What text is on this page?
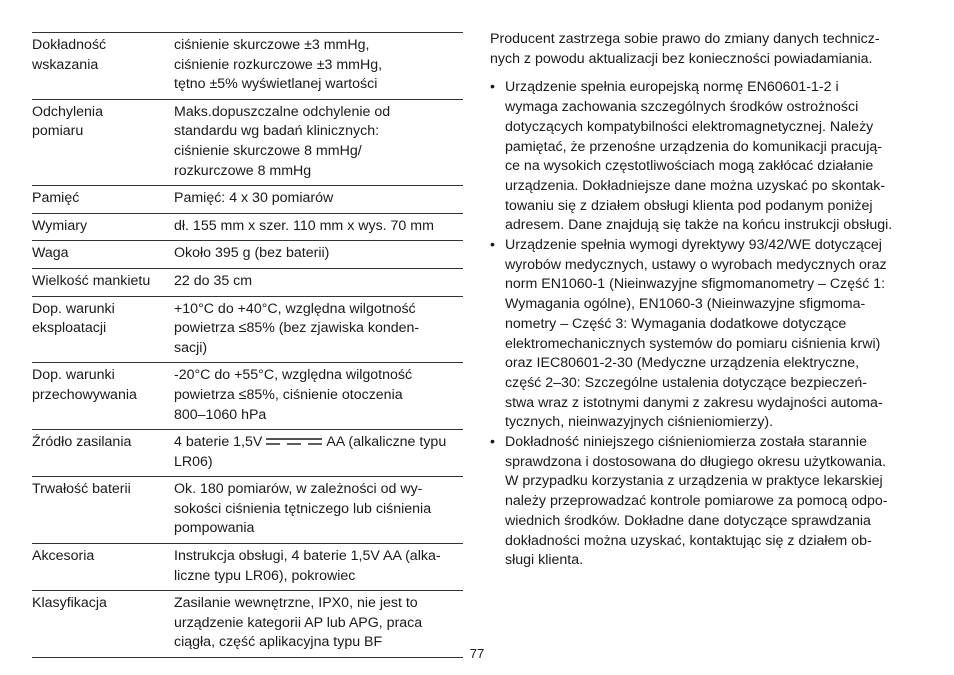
Dokładność
wskazania	ciśnienie skurczowe ±3 mmHg,
ciśnienie rozkurczowe ±3 mmHg,
tętno ±5% wyświetlanej wartości

Odchylenia
pomiaru	Maks.dopuszczalne odchylenie od
standardu wg badań klinicznych:
ciśnienie skurczowe 8 mmHg/
rozkurczowe 8 mmHg

Pamięć	Pamięć: 4 x 30 pomiarów

Wymiary	dł. 155 mm x szer. 110 mm x wys. 70 mm

Waga	Około 395 g (bez baterii)

Wielkość mankietu	22 do 35 cm

Dop. warunki
eksploatacji	+10°C do +40°C, względna wilgotność
powietrza ≤85% (bez zjawiska konden-
sacji)

Dop. warunki
przechowywania	-20°C do +55°C, względna wilgotność
powietrza ≤85%, ciśnienie otoczenia
800–1060 hPa

Źródło zasilania	4 baterie 1,5V AA (alkaliczne typu
LR06)

Trwałość baterii	Ok. 180 pomiarów, w zależności od wy-
sokości ciśnienia tętniczego lub ciśnienia
pompowania

Akcesoria	Instrukcja obsługi, 4 baterie 1,5V AA (alka-
liczne typu LR06), pokrowiec

Klasyfikacja	Zasilanie wewnętrzne, IPX0, nie jest to
urządzenie kategorii AP lub APG, praca
ciągła, część aplikacyjna typu BF

Producent zastrzega sobie prawo do zmiany danych technicz-
nych z powodu aktualizacji bez konieczności powiadamiania.

• Urządzenie spełnia europejską normę EN60601-1-2 i
wymaga zachowania szczególnych środków ostrożności
dotyczących kompatybilności elektromagnetycznej. Należy
pamiętać, że przenośne urządzenia do komunikacji pracują-
ce na wysokich częstotliwościach mogą zakłócać działanie
urządzenia. Dokładniejsze dane można uzyskać po skontak-
towaniu się z działem obsługi klienta pod podanym poniżej
adresem. Dane znajdują się także na końcu instrukcji obsługi.
• Urządzenie spełnia wymogi dyrektywy 93/42/WE dotyczącej
wyrobów medycznych, ustawy o wyrobach medycznych oraz
norm EN1060-1 (Nieinwazyjne sfigmomanometry – Część 1:
Wymagania ogólne), EN1060-3 (Nieinwazyjne sfigmoma-
nometry – Część 3: Wymagania dodatkowe dotyczące
elektromechanicznych systemów do pomiaru ciśnienia krwi)
oraz IEC80601-2-30 (Medyczne urządzenia elektryczne,
część 2–30: Szczególne ustalenia dotyczące bezpieczeń-
stwa wraz z istotnymi danymi z zakresu wydajności automa-
tycznych, nieinwazyjnych ciśnieniomierzy).
• Dokładność niniejszego ciśnieniomierza została starannie
sprawdzona i dostosowana do długiego okresu użytkowania.
W przypadku korzystania z urządzenia w praktyce lekarskiej
należy przeprowadzać kontrole pomiarowe za pomocą odpo-
wiednich środków. Dokładne dane dotyczące sprawdzania
dokładności można uzyskać, kontaktując się z działem ob-
sługi klienta.
77
